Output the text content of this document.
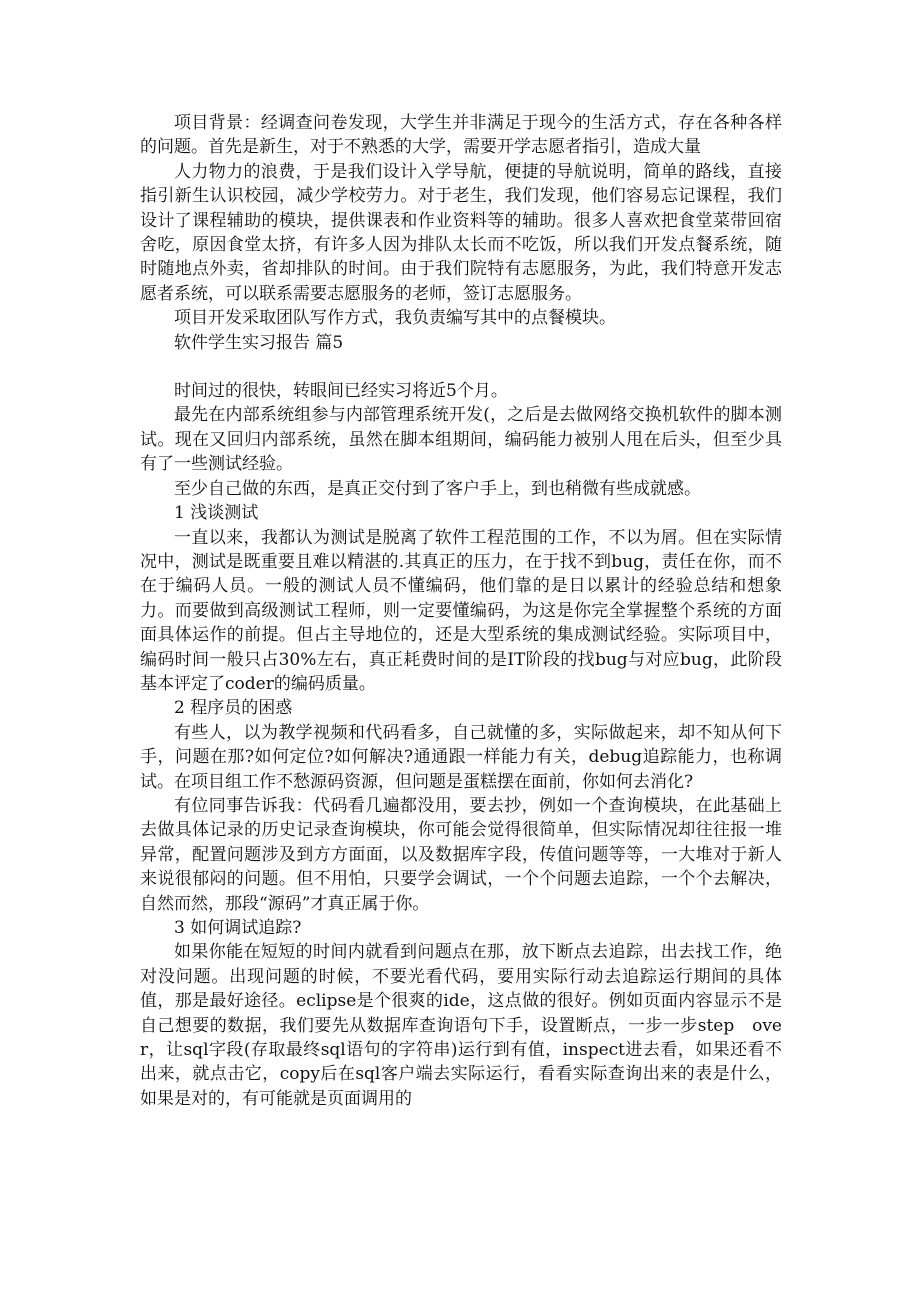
项目背景：经调查问卷发现，大学生并非满足于现今的生活方式，存在各种各样的问题。首先是新生，对于不熟悉的大学，需要开学志愿者指引，造成大量

人力物力的浪费，于是我们设计入学导航，便捷的导航说明，简单的路线，直接指引新生认识校园，减少学校劳力。对于老生，我们发现，他们容易忘记课程，我们设计了课程辅助的模块，提供课表和作业资料等的辅助。很多人喜欢把食堂菜带回宿舍吃，原因食堂太挤，有许多人因为排队太长而不吃饭，所以我们开发点餐系统，随时随地点外卖，省却排队的时间。由于我们院特有志愿服务，为此，我们特意开发志愿者系统，可以联系需要志愿服务的老师，签订志愿服务。

项目开发采取团队写作方式，我负责编写其中的点餐模块。

软件学生实习报告 篇5

时间过的很快，转眼间已经实习将近5个月。

最先在内部系统组参与内部管理系统开发(，之后是去做网络交换机软件的脚本测试。现在又回归内部系统，虽然在脚本组期间，编码能力被别人甩在后头，但至少具有了一些测试经验。

至少自己做的东西，是真正交付到了客户手上，到也稍微有些成就感。

1 浅谈测试

一直以来，我都认为测试是脱离了软件工程范围的工作，不以为屑。但在实际情况中，测试是既重要且难以精湛的.其真正的压力，在于找不到bug，责任在你，而不在于编码人员。一般的测试人员不懂编码，他们靠的是日以累计的经验总结和想象力。而要做到高级测试工程师，则一定要懂编码，为这是你完全掌握整个系统的方面面具体运作的前提。但占主导地位的，还是大型系统的集成测试经验。实际项目中，编码时间一般只占30%左右，真正耗费时间的是IT阶段的找bug与对应bug，此阶段基本评定了coder的编码质量。

2 程序员的困惑

有些人，以为教学视频和代码看多，自己就懂的多，实际做起来，却不知从何下手，问题在那?如何定位?如何解决?通通跟一样能力有关，debug追踪能力，也称调试。在项目组工作不愁源码资源，但问题是蛋糕摆在面前，你如何去消化?

有位同事告诉我：代码看几遍都没用，要去抄，例如一个查询模块，在此基础上去做具体记录的历史记录查询模块，你可能会觉得很简单，但实际情况却往往报一堆异常，配置问题涉及到方方面面，以及数据库字段，传值问题等等，一大堆对于新人来说很郁闷的问题。但不用怕，只要学会调试，一个个问题去追踪，一个个去解决，自然而然，那段“源码”才真正属于你。

3 如何调试追踪?

如果你能在短短的时间内就看到问题点在那，放下断点去追踪，出去找工作，绝对没问题。出现问题的时候，不要光看代码，要用实际行动去追踪运行期间的具体值，那是最好途径。eclipse是个很爽的ide，这点做的很好。例如页面内容显示不是自己想要的数据，我们要先从数据库查询语句下手，设置断点，一步一步step　over，让sql字段(存取最终sql语句的字符串)运行到有值，inspect进去看，如果还看不出来，就点击它，copy后在sql客户端去实际运行，看看实际查询出来的表是什么，如果是对的，有可能就是页面调用的
